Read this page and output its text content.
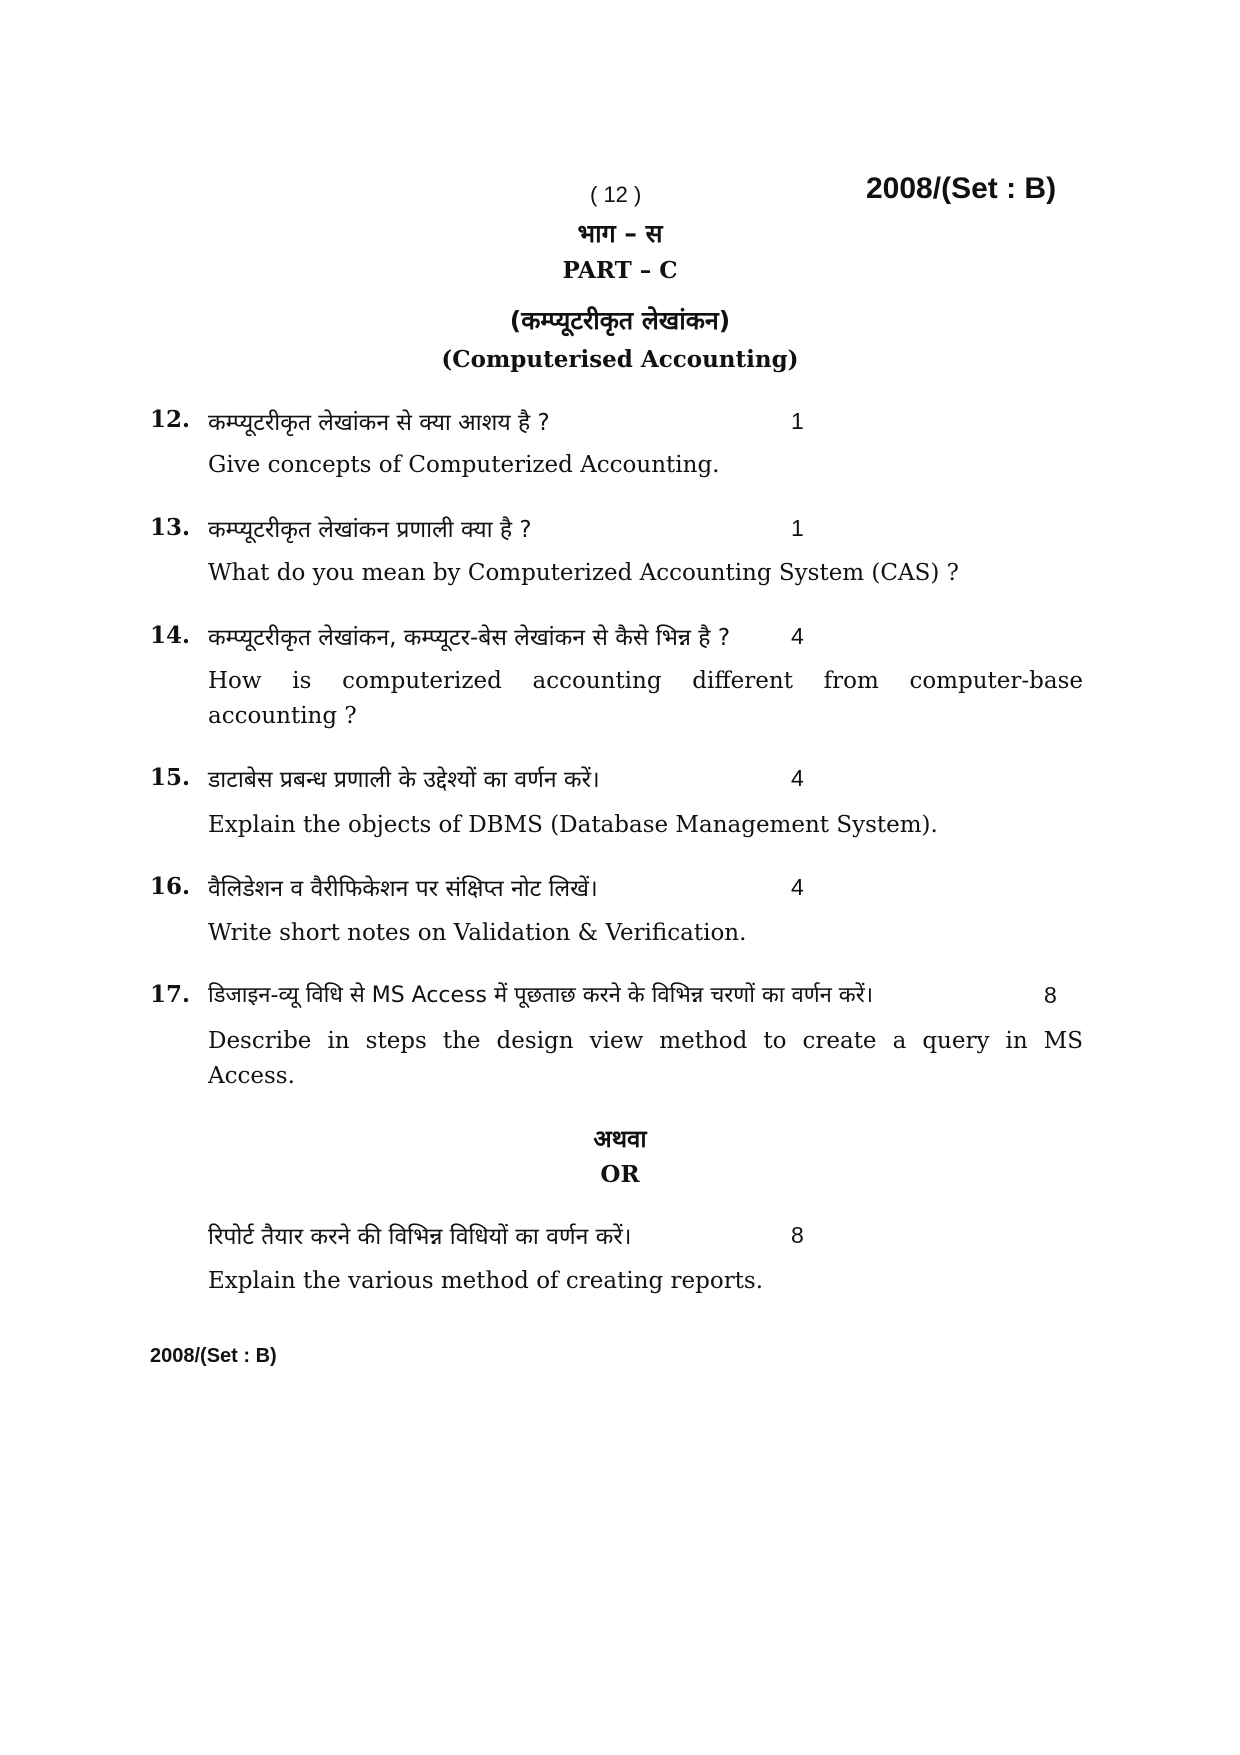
( 12 )	2008/(Set : B)
भाग – स
PART – C
(कम्प्यूटरीकृत लेखांकन)
(Computerised Accounting)
12. कम्प्यूटरीकृत लेखांकन से क्या आशय है ?	1
Give concepts of Computerized Accounting.
13. कम्प्यूटरीकृत लेखांकन प्रणाली क्या है ?	1
What do you mean by Computerized Accounting System (CAS) ?
14. कम्प्यूटरीकृत लेखांकन, कम्प्यूटर-बेस लेखांकन से कैसे भिन्न है ?	4
How is computerized accounting different from computer-base
accounting ?
15. डाटाबेस प्रबन्ध प्रणाली के उद्देश्यों का वर्णन करें।	4
Explain the objects of DBMS (Database Management System).
16. वैलिडेशन व वैरीफिकेशन पर संक्षिप्त नोट लिखें।	4
Write short notes on Validation & Verification.
17. डिजाइन-व्यू विधि से MS Access में पूछताछ करने के विभिन्न चरणों का वर्णन करें।	8
Describe in steps the design view method to create a query in MS
Access.
अथवा
OR
रिपोर्ट तैयार करने की विभिन्न विधियों का वर्णन करें।	8
Explain the various method of creating reports.
2008/(Set : B)
